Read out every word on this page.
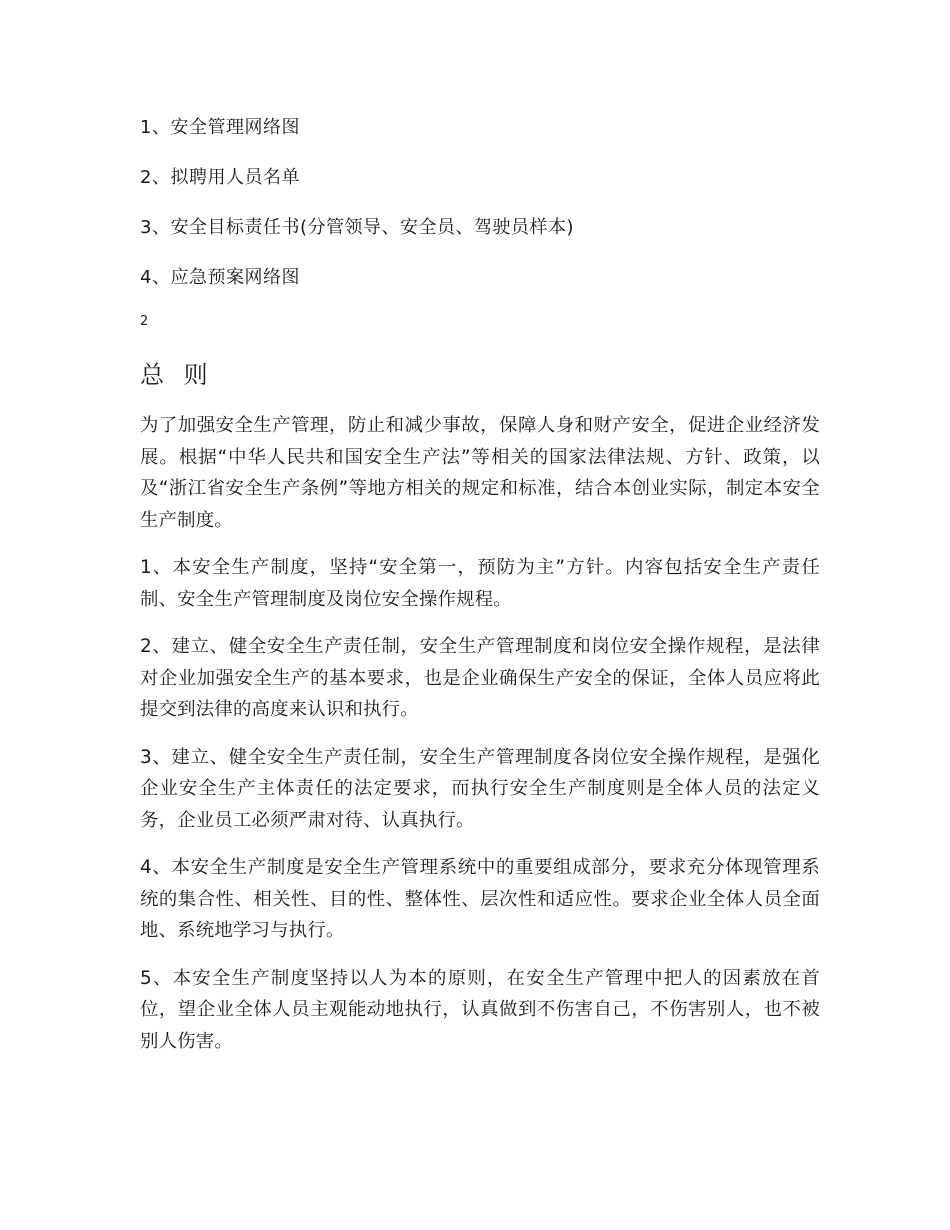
1、安全管理网络图
2、拟聘用人员名单
3、安全目标责任书(分管领导、安全员、驾驶员样本)
4、应急预案网络图
2
总 则

为了加强安全生产管理，防止和减少事故，保障人身和财产安全，促进企业经济发展。根据“中华人民共和国安全生产法”等相关的国家法律法规、方针、政策，以及“浙江省安全生产条例”等地方相关的规定和标准，结合本创业实际，制定本安全生产制度。

1、本安全生产制度，坚持“安全第一，预防为主”方针。内容包括安全生产责任制、安全生产管理制度及岗位安全操作规程。

2、建立、健全安全生产责任制，安全生产管理制度和岗位安全操作规程，是法律对企业加强安全生产的基本要求，也是企业确保生产安全的保证，全体人员应将此提交到法律的高度来认识和执行。

3、建立、健全安全生产责任制，安全生产管理制度各岗位安全操作规程，是强化企业安全生产主体责任的法定要求，而执行安全生产制度则是全体人员的法定义务，企业员工必须严肃对待、认真执行。

4、本安全生产制度是安全生产管理系统中的重要组成部分，要求充分体现管理系统的集合性、相关性、目的性、整体性、层次性和适应性。要求企业全体人员全面地、系统地学习与执行。

5、本安全生产制度坚持以人为本的原则，在安全生产管理中把人的因素放在首位，望企业全体人员主观能动地执行，认真做到不伤害自己，不伤害别人，也不被别人伤害。
